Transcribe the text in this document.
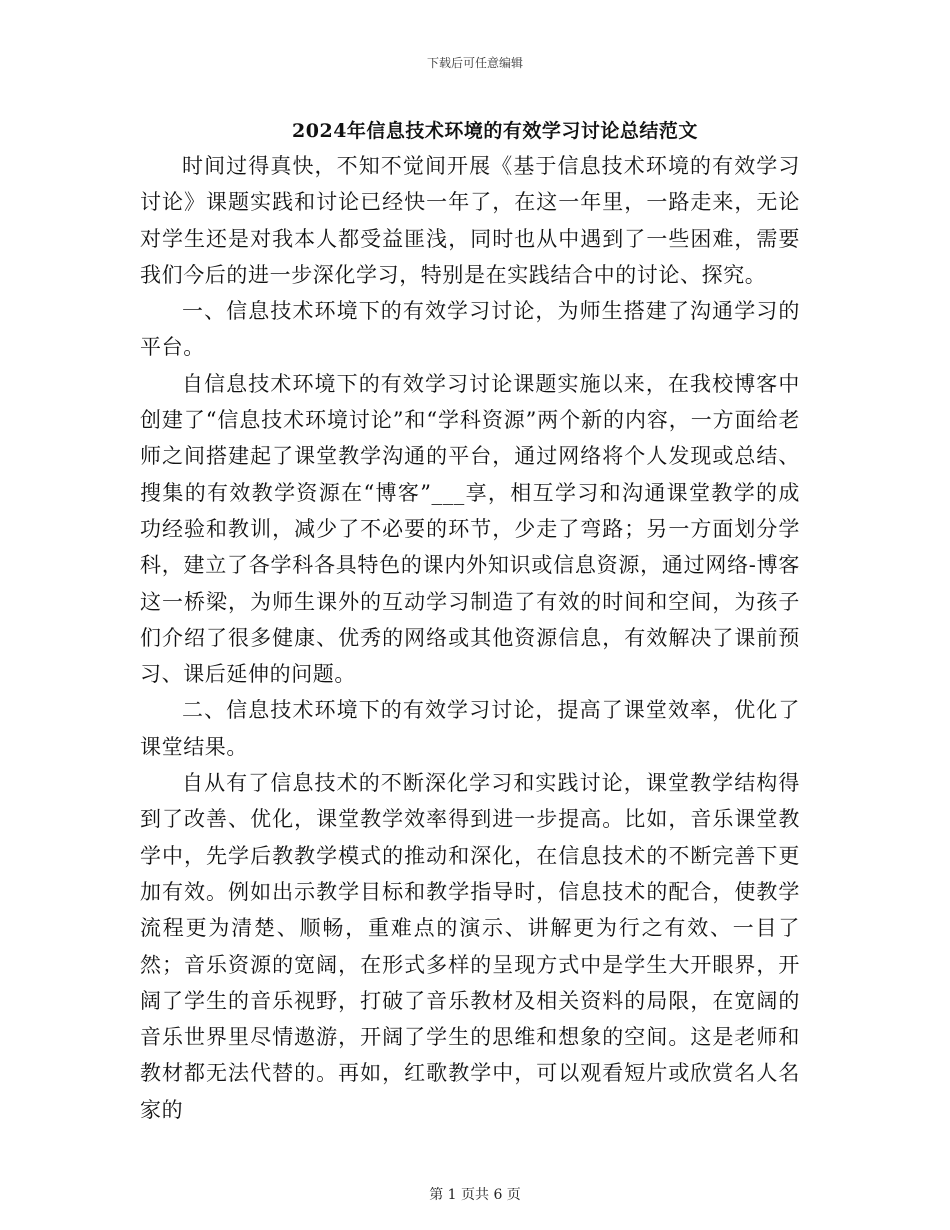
下载后可任意编辑
2024年信息技术环境的有效学习讨论总结范文

时间过得真快，不知不觉间开展《基于信息技术环境的有效学习讨论》课题实践和讨论已经快一年了，在这一年里，一路走来，无论对学生还是对我本人都受益匪浅，同时也从中遇到了一些困难，需要我们今后的进一步深化学习，特别是在实践结合中的讨论、探究。

一、信息技术环境下的有效学习讨论，为师生搭建了沟通学习的平台。

自信息技术环境下的有效学习讨论课题实施以来，在我校博客中创建了“信息技术环境讨论”和“学科资源”两个新的内容，一方面给老师之间搭建起了课堂教学沟通的平台，通过网络将个人发现或总结、搜集的有效教学资源在“博客”___享，相互学习和沟通课堂教学的成功经验和教训，减少了不必要的环节，少走了弯路；另一方面划分学科，建立了各学科各具特色的课内外知识或信息资源，通过网络-博客这一桥梁，为师生课外的互动学习制造了有效的时间和空间，为孩子们介绍了很多健康、优秀的网络或其他资源信息，有效解决了课前预习、课后延伸的问题。

二、信息技术环境下的有效学习讨论，提高了课堂效率，优化了课堂结果。

自从有了信息技术的不断深化学习和实践讨论，课堂教学结构得到了改善、优化，课堂教学效率得到进一步提高。比如，音乐课堂教学中，先学后教教学模式的推动和深化，在信息技术的不断完善下更加有效。例如出示教学目标和教学指导时，信息技术的配合，使教学流程更为清楚、顺畅，重难点的演示、讲解更为行之有效、一目了然；音乐资源的宽阔，在形式多样的呈现方式中是学生大开眼界，开阔了学生的音乐视野，打破了音乐教材及相关资料的局限，在宽阔的音乐世界里尽情遨游，开阔了学生的思维和想象的空间。这是老师和教材都无法代替的。再如，红歌教学中，可以观看短片或欣赏名人名家的

第 1 页共 6 页
